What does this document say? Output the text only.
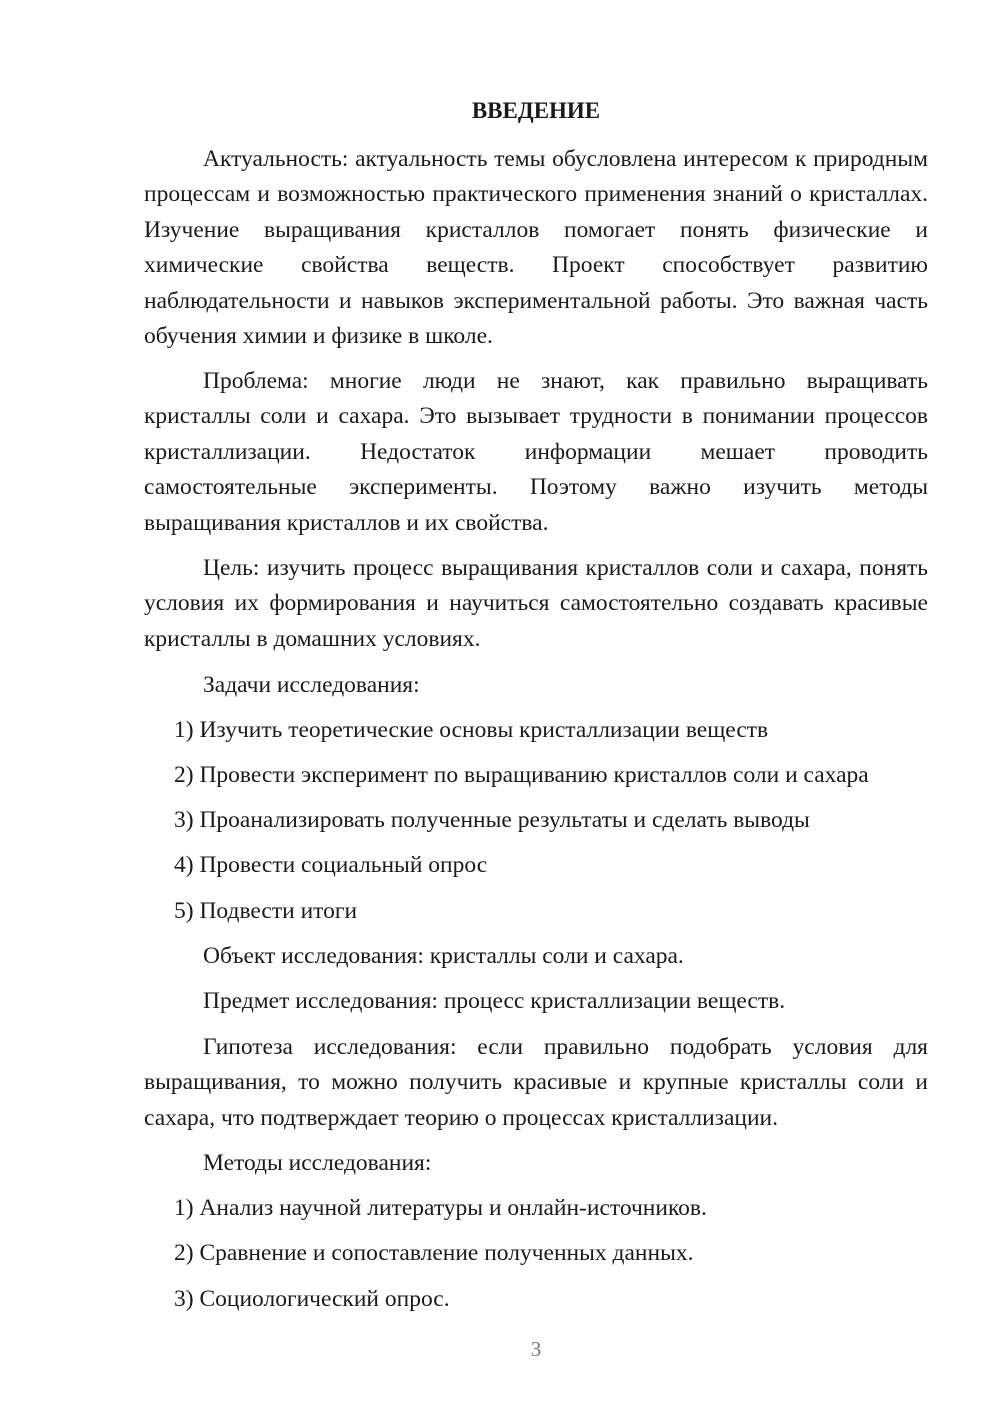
ВВЕДЕНИЕ

Актуальность: актуальность темы обусловлена интересом к природным процессам и возможностью практического применения знаний о кристаллах. Изучение выращивания кристаллов помогает понять физические и химические свойства веществ. Проект способствует развитию наблюдательности и навыков экспериментальной работы. Это важная часть обучения химии и физике в школе.

Проблема: многие люди не знают, как правильно выращивать кристаллы соли и сахара. Это вызывает трудности в понимании процессов кристаллизации. Недостаток информации мешает проводить самостоятельные эксперименты. Поэтому важно изучить методы выращивания кристаллов и их свойства.

Цель: изучить процесс выращивания кристаллов соли и сахара, понять условия их формирования и научиться самостоятельно создавать красивые кристаллы в домашних условиях.

Задачи исследования:

1) Изучить теоретические основы кристаллизации веществ

2) Провести эксперимент по выращиванию кристаллов соли и сахара

3) Проанализировать полученные результаты и сделать выводы

4) Провести социальный опрос

5) Подвести итоги

Объект исследования: кристаллы соли и сахара.

Предмет исследования: процесс кристаллизации веществ.

Гипотеза исследования: если правильно подобрать условия для выращивания, то можно получить красивые и крупные кристаллы соли и сахара, что подтверждает теорию о процессах кристаллизации.

Методы исследования:

1) Анализ научной литературы и онлайн-источников.

2) Сравнение и сопоставление полученных данных.

3) Социологический опрос.

3
